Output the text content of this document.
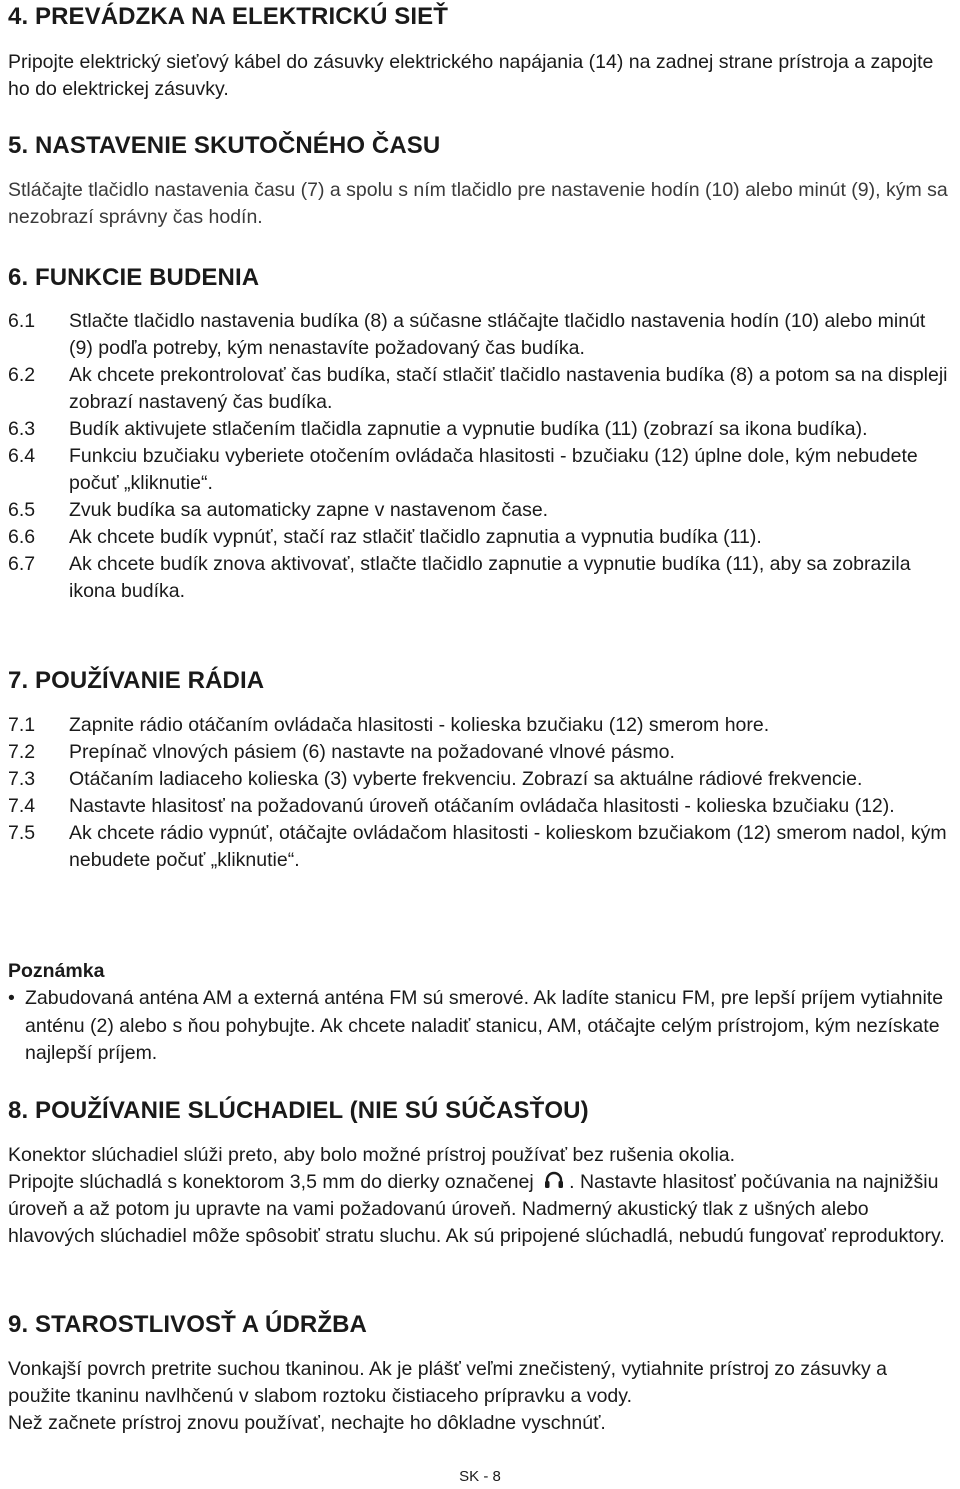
4. PREVÁDZKA NA ELEKTRICKÚ SIEŤ
Pripojte elektrický sieťový kábel do zásuvky elektrického napájania (14) na zadnej strane prístroja a zapojte ho do elektrickej zásuvky.
5. NASTAVENIE SKUTOČNÉHO ČASU
Stláčajte tlačidlo nastavenia času (7) a spolu s ním tlačidlo pre nastavenie hodín (10) alebo minút (9), kým sa nezobrazí správny čas hodín.
6. FUNKCIE BUDENIA
6.1 Stlačte tlačidlo nastavenia budíka (8) a súčasne stláčajte tlačidlo nastavenia hodín (10) alebo minút (9) podľa potreby, kým nenastavíte požadovaný čas budíka.
6.2 Ak chcete prekontrolovať čas budíka, stačí stlačiť tlačidlo nastavenia budíka (8) a potom sa na displeji zobrazí nastavený čas budíka.
6.3 Budík aktivujete stlačením tlačidla zapnutie a vypnutie budíka (11) (zobrazí sa ikona budíka).
6.4 Funkciu bzučiaku vyberiete otočením ovládača hlasitosti - bzučiaku (12) úplne dole, kým nebudete počuť „kliknutie“.
6.5 Zvuk budíka sa automaticky zapne v nastavenom čase.
6.6 Ak chcete budík vypnúť, stačí raz stlačiť tlačidlo zapnutia a vypnutia budíka (11).
6.7 Ak chcete budík znova aktivovať, stlačte tlačidlo zapnutie a vypnutie budíka (11), aby sa zobrazila ikona budíka.
7. POUŽÍVANIE RÁDIA
7.1 Zapnite rádio otáčaním ovládača hlasitosti - kolieska bzučiaku (12) smerom hore.
7.2 Prepínač vlnových pásiem (6) nastavte na požadované vlnové pásmo.
7.3 Otáčaním ladiaceho kolieska (3) vyberte frekvenciu. Zobrazí sa aktuálne rádiové frekvencie.
7.4 Nastavte hlasitosť na požadovanú úroveň otáčaním ovládača hlasitosti - kolieska bzučiaku (12).
7.5 Ak chcete rádio vypnúť, otáčajte ovládačom hlasitosti - kolieskom bzučiakom (12) smerom nadol, kým nebudete počuť „kliknutie“.
Poznámka
• Zabudovaná anténa AM a externá anténa FM sú smerové. Ak ladíte stanicu FM, pre lepší príjem vytiahnite anténu (2) alebo s ňou pohybujte. Ak chcete naladiť stanicu, AM, otáčajte celým prístrojom, kým nezískate najlepší príjem.
8. POUŽÍVANIE SLÚCHADIEL (NIE SÚ SÚČASŤOU)
Konektor slúchadiel slúži preto, aby bolo možné prístroj používať bez rušenia okolia.
Pripojte slúchadlá s konektorom 3,5 mm do dierky označenej . Nastavte hlasitosť počúvania na najnižšiu úroveň a až potom ju upravte na vami požadovanú úroveň. Nadmerný akustický tlak z ušných alebo hlavových slúchadiel môže spôsobiť stratu sluchu. Ak sú pripojené slúchadlá, nebudú fungovať reproduktory.
9. STAROSTLIVOSŤ A ÚDRŽBA
Vonkajší povrch pretrite suchou tkaninou. Ak je plášť veľmi znečistený, vytiahnite prístroj zo zásuvky a použite tkaninu navlhčenú v slabom roztoku čistiaceho prípravku a vody.
Než začnete prístroj znovu používať, nechajte ho dôkladne vyschnúť.
SK - 8
